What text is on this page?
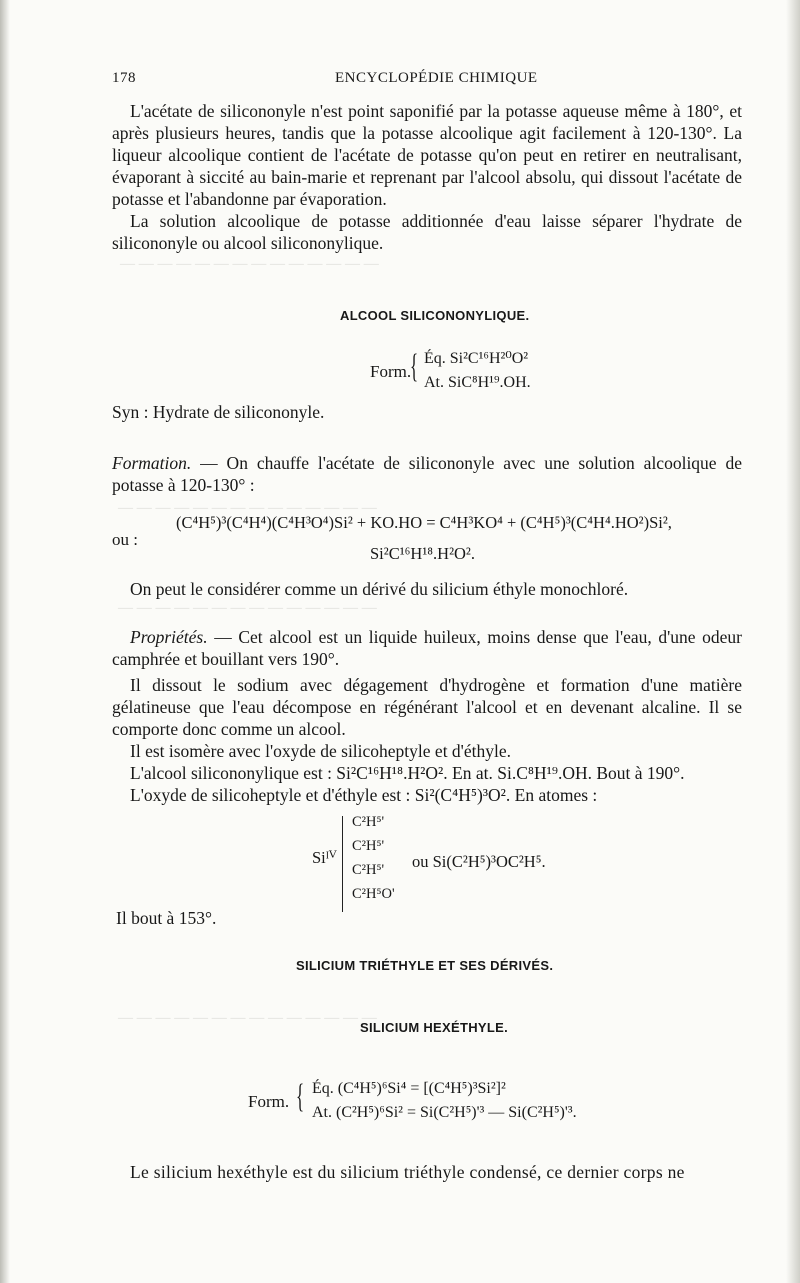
— — — — — — — — — — — — — —
— — — — — — — — — — — — — —
— — — — — — — — — — — — — —
— — — — — — — — — — — — — —
178	ENCYCLOPÉDIE CHIMIQUE
L'acétate de silicononyle n'est point saponifié par la potasse aqueuse même à 180°, et après plusieurs heures, tandis que la potasse alcoolique agit facilement à 120-130°. La liqueur alcoolique contient de l'acétate de potasse qu'on peut en retirer en neutralisant, évaporant à siccité au bain-marie et reprenant par l'alcool absolu, qui dissout l'acétate de potasse et l'abandonne par évaporation.
La solution alcoolique de potasse additionnée d'eau laisse séparer l'hydrate de silicononyle ou alcool silicononylique.
ALCOOL SILICONONYLIQUE.
Form.
{ Éq. Si²C¹⁶H²⁰O²
At. SiC⁸H¹⁹.OH.
Syn : Hydrate de silicononyle.
Formation. — On chauffe l'acétate de silicononyle avec une solution alcoolique de potasse à 120-130° :
(C⁴H⁵)³(C⁴H⁴)(C⁴H³O⁴)Si² + KO.HO = C⁴H³KO⁴ + (C⁴H⁵)³(C⁴H⁴.HO²)Si²,
ou :
Si²C¹⁶H¹⁸.H²O².
On peut le considérer comme un dérivé du silicium éthyle monochloré.
Propriétés. — Cet alcool est un liquide huileux, moins dense que l'eau, d'une odeur camphrée et bouillant vers 190°.
Il dissout le sodium avec dégagement d'hydrogène et formation d'une matière gélatineuse que l'eau décompose en régénérant l'alcool et en devenant alcaline. Il se comporte donc comme un alcool.
Il est isomère avec l'oxyde de silicoheptyle et d'éthyle.
L'alcool silicononylique est : Si²C¹⁶H¹⁸.H²O². En at. Si.C⁸H¹⁹.OH. Bout à 190°.
L'oxyde de silicoheptyle et d'éthyle est : Si²(C⁴H⁵)³O². En atomes :
Siᴵⱽ
C²H⁵'
C²H⁵'
C²H⁵'
C²H⁵O'
ou Si(C²H⁵)³OC²H⁵.
Il bout à 153°.
SILICIUM TRIÉTHYLE ET SES DÉRIVÉS.
SILICIUM HEXÉTHYLE.
Form. { Éq. (C⁴H⁵)⁶Si⁴ = [(C⁴H⁵)³Si²]²
At. (C²H⁵)⁶Si² = Si(C²H⁵)'³ — Si(C²H⁵)'³.
Le silicium hexéthyle est du silicium triéthyle condensé, ce dernier corps ne
